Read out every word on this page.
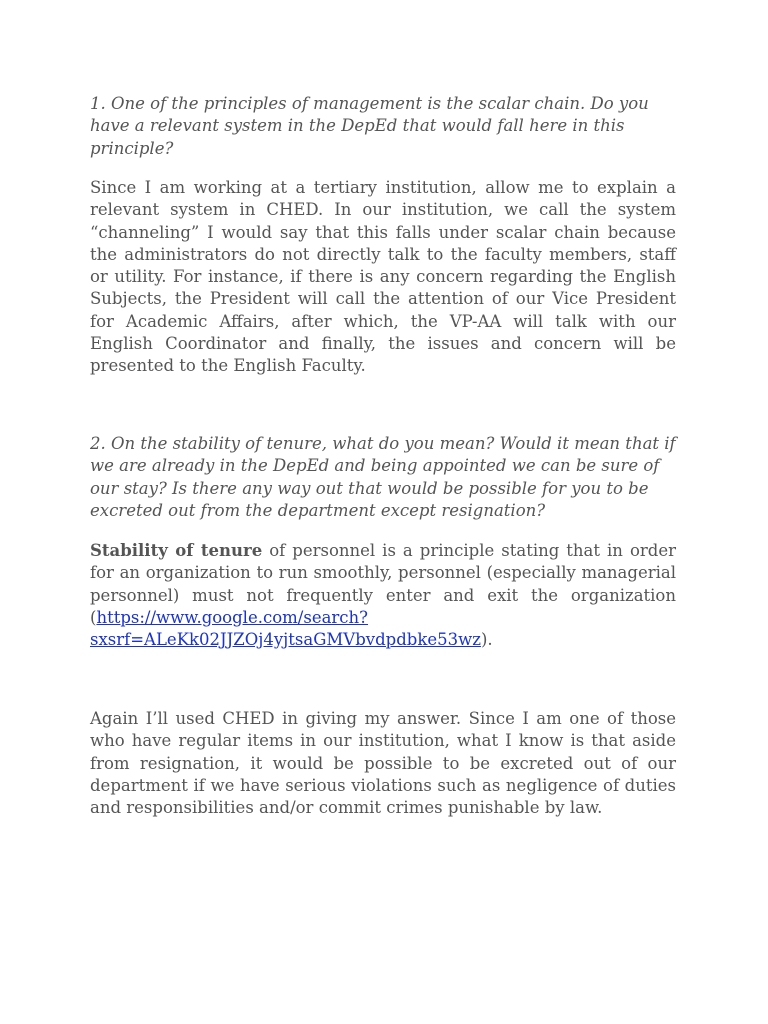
1. One of the principles of management is the scalar chain. Do you have a relevant system in the DepEd that would fall here in this principle?

Since I am working at a tertiary institution, allow me to explain a relevant system in CHED. In our institution, we call the system “channeling” I would say that this falls under scalar chain because the administrators do not directly talk to the faculty members, staff or utility. For instance, if there is any concern regarding the English Subjects, the President will call the attention of our Vice President for Academic Affairs, after which, the VP-AA will talk with our English Coordinator and finally, the issues and concern will be presented to the English Faculty.

2. On the stability of tenure, what do you mean? Would it mean that if we are already in the DepEd and being appointed we can be sure of our stay? Is there any way out that would be possible for you to be excreted out from the department except resignation?

Stability of tenure of personnel is a principle stating that in order for an organization to run smoothly, personnel (especially managerial personnel) must not frequently enter and exit the organization (https://www.google.com/search?
sxsrf=ALeKk02JJZOj4yjtsaGMVbvdpdbke53wz).

Again I’ll used CHED in giving my answer. Since I am one of those who have regular items in our institution, what I know is that aside from resignation, it would be possible to be excreted out of our department if we have serious violations such as negligence of duties and responsibilities and/or commit crimes punishable by law.
